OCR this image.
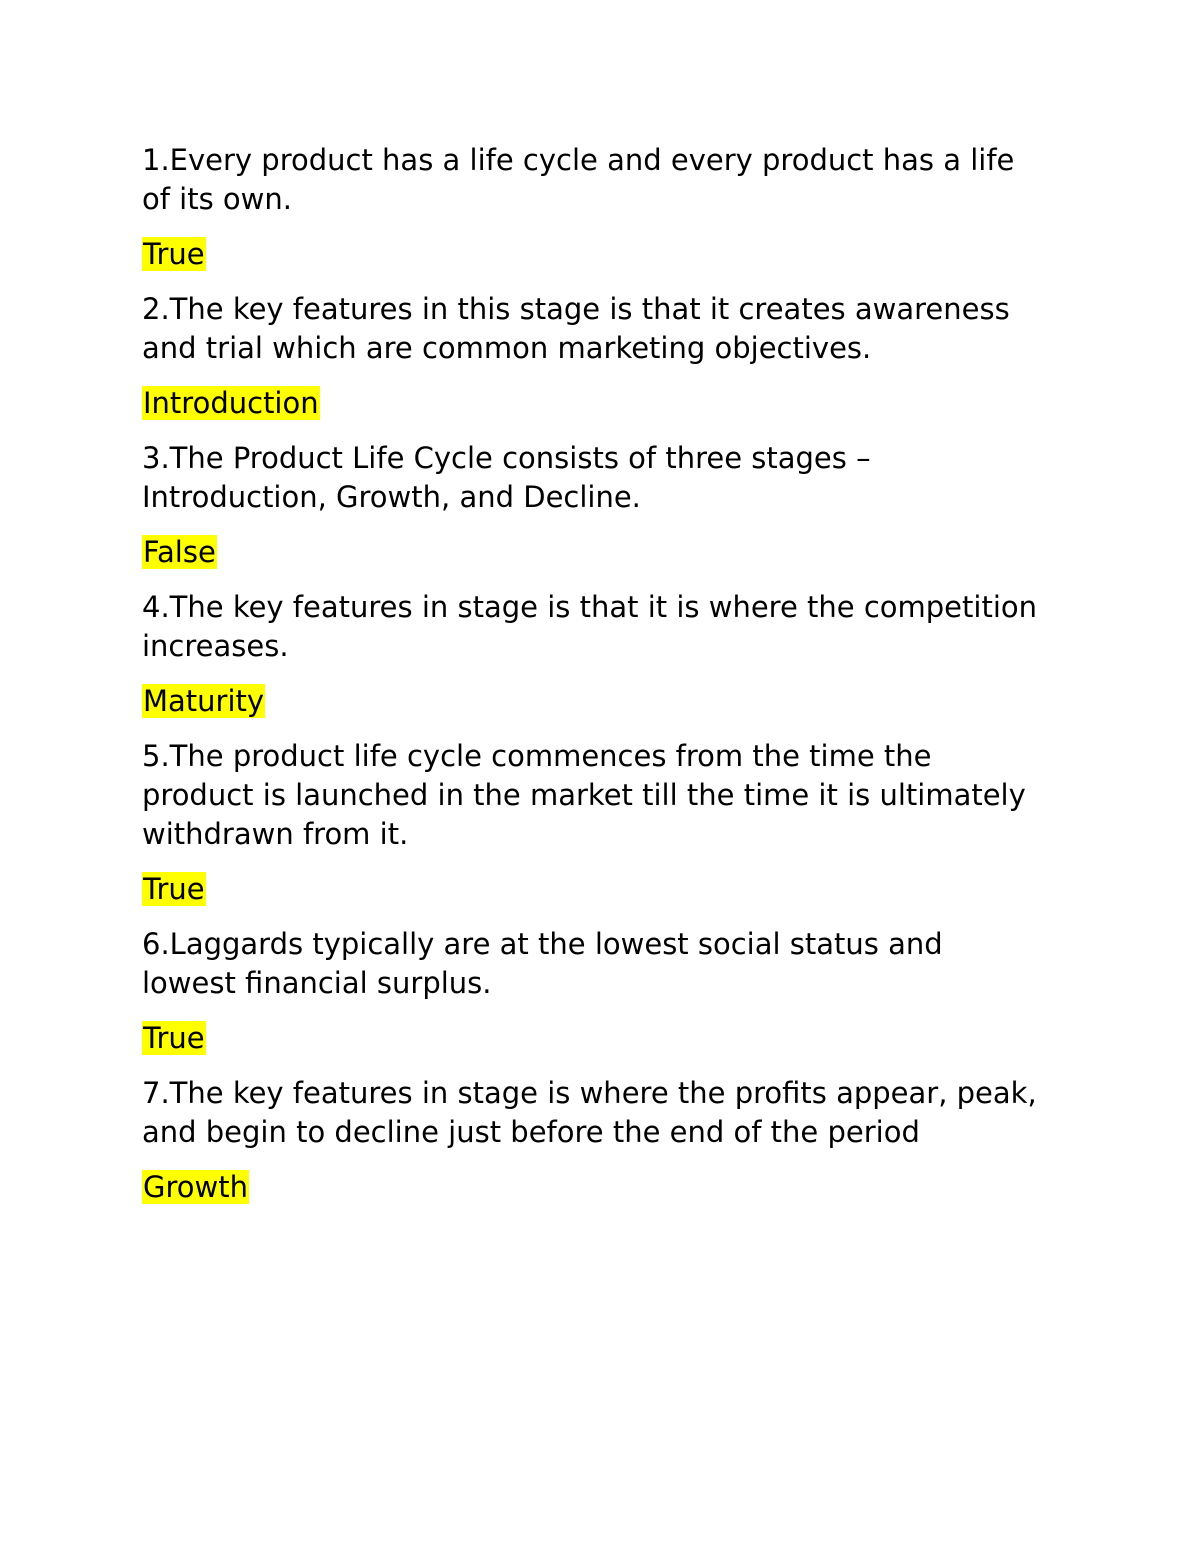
1.Every product has a life cycle and every product has a life of its own.

True

2.The key features in this stage is that it creates awareness and trial which are common marketing objectives.

Introduction

3.The Product Life Cycle consists of three stages – Introduction, Growth, and Decline.

False

4.The key features in stage is that it is where the competition increases.

Maturity

5.The product life cycle commences from the time the product is launched in the market till the time it is ultimately withdrawn from it.

True

6.Laggards typically are at the lowest social status and lowest financial surplus.

True

7.The key features in stage is where the profits appear, peak, and begin to decline just before the end of the period

Growth
